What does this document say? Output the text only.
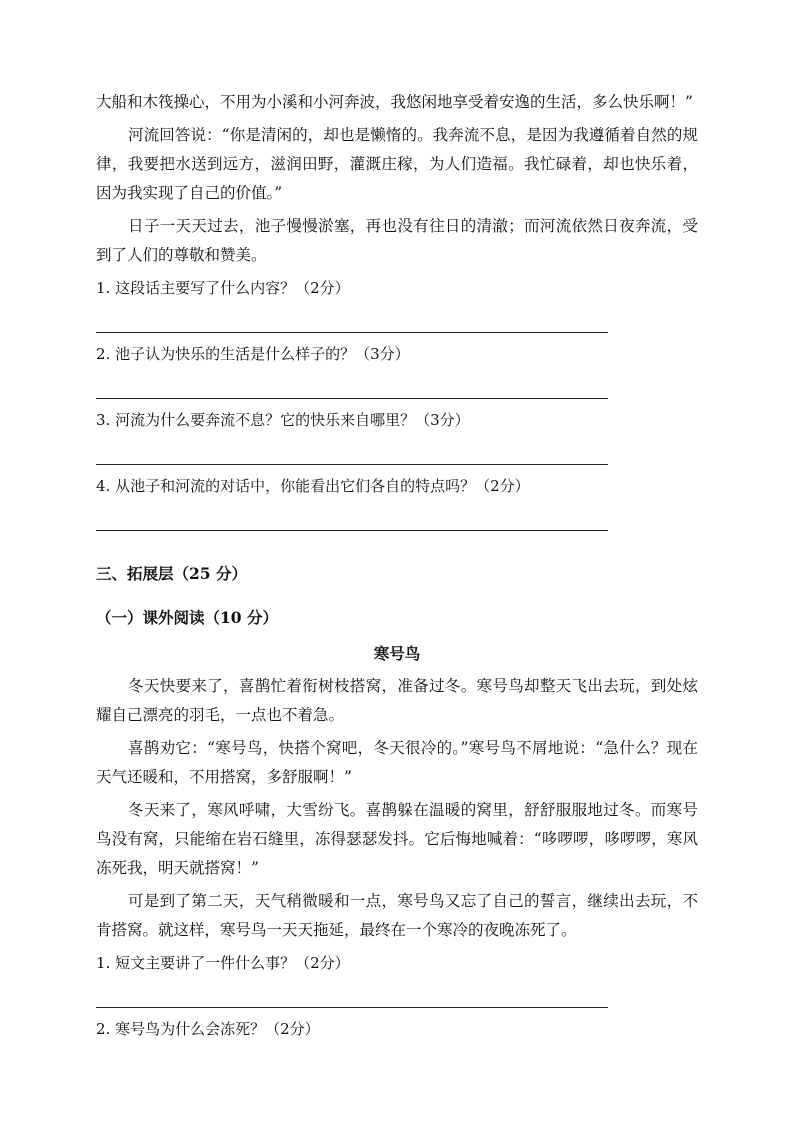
大船和木筏操心，不用为小溪和小河奔波，我悠闲地享受着安逸的生活，多么快乐啊！”

河流回答说：“你是清闲的，却也是懒惰的。我奔流不息，是因为我遵循着自然的规律，我要把水送到远方，滋润田野，灌溉庄稼，为人们造福。我忙碌着，却也快乐着，因为我实现了自己的价值。”

日子一天天过去，池子慢慢淤塞，再也没有往日的清澈；而河流依然日夜奔流，受到了人们的尊敬和赞美。

1. 这段话主要写了什么内容？（2分）
2. 池子认为快乐的生活是什么样子的？（3分）
3. 河流为什么要奔流不息？它的快乐来自哪里？（3分）
4. 从池子和河流的对话中，你能看出它们各自的特点吗？（2分）

三、拓展层（25 分）

（一）课外阅读（10 分）

寒号鸟

冬天快要来了，喜鹊忙着衔树枝搭窝，准备过冬。寒号鸟却整天飞出去玩，到处炫耀自己漂亮的羽毛，一点也不着急。

喜鹊劝它：“寒号鸟，快搭个窝吧，冬天很冷的。”寒号鸟不屑地说：“急什么？现在天气还暖和，不用搭窝，多舒服啊！”

冬天来了，寒风呼啸，大雪纷飞。喜鹊躲在温暖的窝里，舒舒服服地过冬。而寒号鸟没有窝，只能缩在岩石缝里，冻得瑟瑟发抖。它后悔地喊着：“哆啰啰，哆啰啰，寒风冻死我，明天就搭窝！”

可是到了第二天，天气稍微暖和一点，寒号鸟又忘了自己的誓言，继续出去玩，不肯搭窝。就这样，寒号鸟一天天拖延，最终在一个寒冷的夜晚冻死了。

1. 短文主要讲了一件什么事？（2分）
2. 寒号鸟为什么会冻死？（2分）
